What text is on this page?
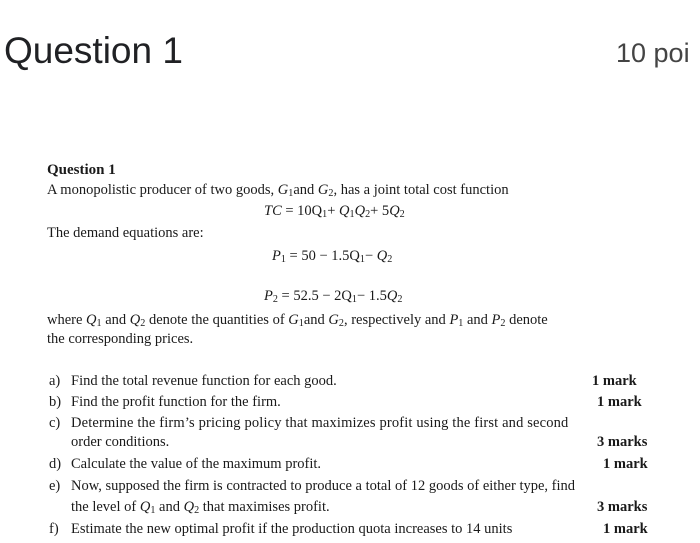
Question 1	10 poi
Question 1
A monopolistic producer of two goods, $G_1and$ $G_2$, has a joint total cost function
TC = $10Q_1+ Q_1Q_2+ 5Q_2$
The demand equations are:
$P_1 = 50 - 1.5Q_1- Q_2$
$P_2 = 52.5 - 2Q_1- 1.5Q_2$
where $Q_1$ and $Q_2$ denote the quantities of $G_1and$ $G_2$, respectively and $P_1$ and $P_2$ denote
the corresponding prices.
a) Find the total revenue function for each good.	1 mark
b) Find the profit function for the firm.	1 mark
c) Determine the firm’s pricing policy that maximizes profit using the first and second
order conditions.	3 marks
d) Calculate the value of the maximum profit.	1 mark
e) Now, supposed the firm is contracted to produce a total of 12 goods of either type, find
the level of $Q_1$ and $Q_2$ that maximises profit.	3 marks
f) Estimate the new optimal profit if the production quota increases to 14 units	1 mark
